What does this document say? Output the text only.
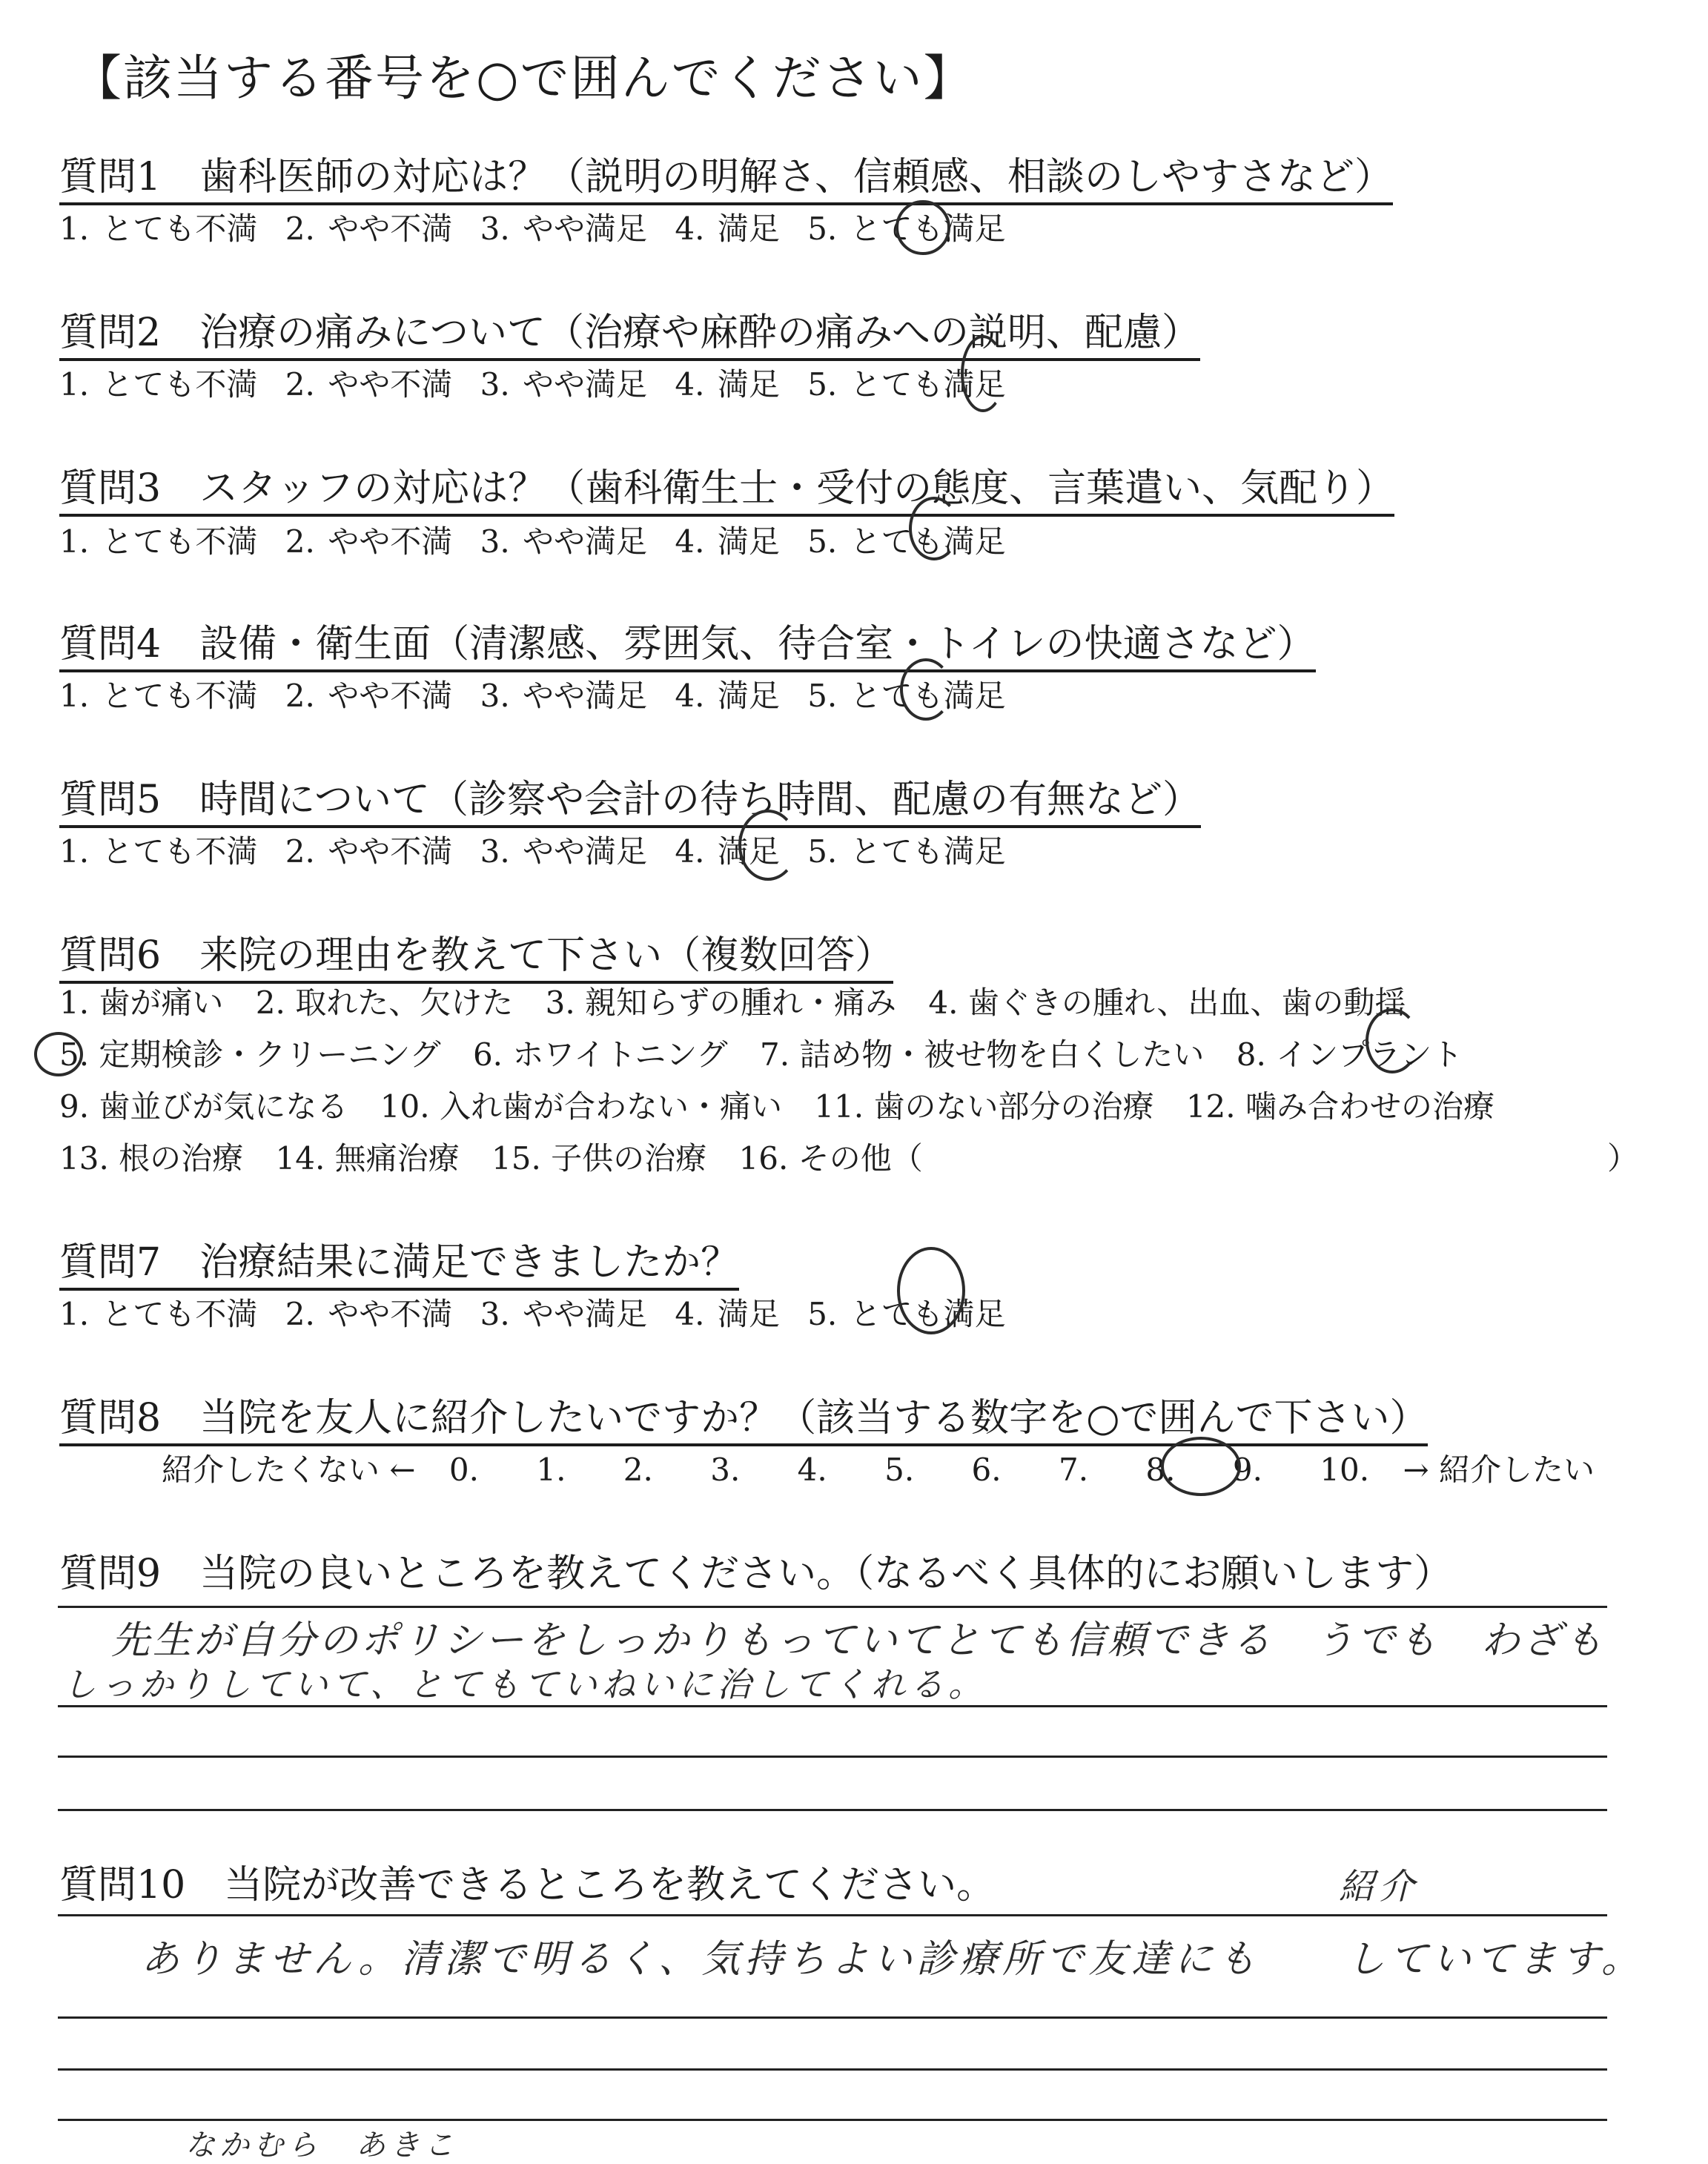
【該当する番号を○で囲んでください】
質問1　歯科医師の対応は？（説明の明解さ、信頼感、相談のしやすさなど）
1. とても不満 2. やや不満 3. やや満足 4. 満足 5. とても満足
質問2　治療の痛みについて（治療や麻酔の痛みへの説明、配慮）
1. とても不満 2. やや不満 3. やや満足 4. 満足 5. とても満足
質問3　スタッフの対応は？（歯科衛生士・受付の態度、言葉遣い、気配り）
1. とても不満 2. やや不満 3. やや満足 4. 満足 5. とても満足
質問4　設備・衛生面（清潔感、雰囲気、待合室・トイレの快適さなど）
1. とても不満 2. やや不満 3. やや満足 4. 満足 5. とても満足
質問5　時間について（診察や会計の待ち時間、配慮の有無など）
1. とても不満 2. やや不満 3. やや満足 4. 満足 5. とても満足
質問6　来院の理由を教えて下さい（複数回答）
1. 歯が痛い 2. 取れた、欠けた 3. 親知らずの腫れ・痛み 4. 歯ぐきの腫れ、出血、歯の動揺
5. 定期検診・クリーニング 6. ホワイトニング 7. 詰め物・被せ物を白くしたい 8. インプラント
9. 歯並びが気になる 10. 入れ歯が合わない・痛い 11. 歯のない部分の治療 12. 噛み合わせの治療
13. 根の治療 14. 無痛治療 15. 子供の治療 16. その他（	）
質問7　治療結果に満足できましたか？
1. とても不満 2. やや不満 3. やや満足 4. 満足 5. とても満足
質問8　当院を友人に紹介したいですか？（該当する数字を○で囲んで下さい）
紹介したくない ← 0. 1. 2. 3. 4. 5. 6. 7. 8. 9. 10. → 紹介したい
質問9　当院の良いところを教えてください。（なるべく具体的にお願いします）
先生が自分のポリシーをしっかりもっていてとても信頼できる　うでも　わざも
しっかりしていて、とてもていねいに治してくれる。
質問10　当院が改善できるところを教えてください。	紹介
ありません。清潔で明るく、気持ちよい診療所で友達にも　　していてます。
なかむら　あきこ
